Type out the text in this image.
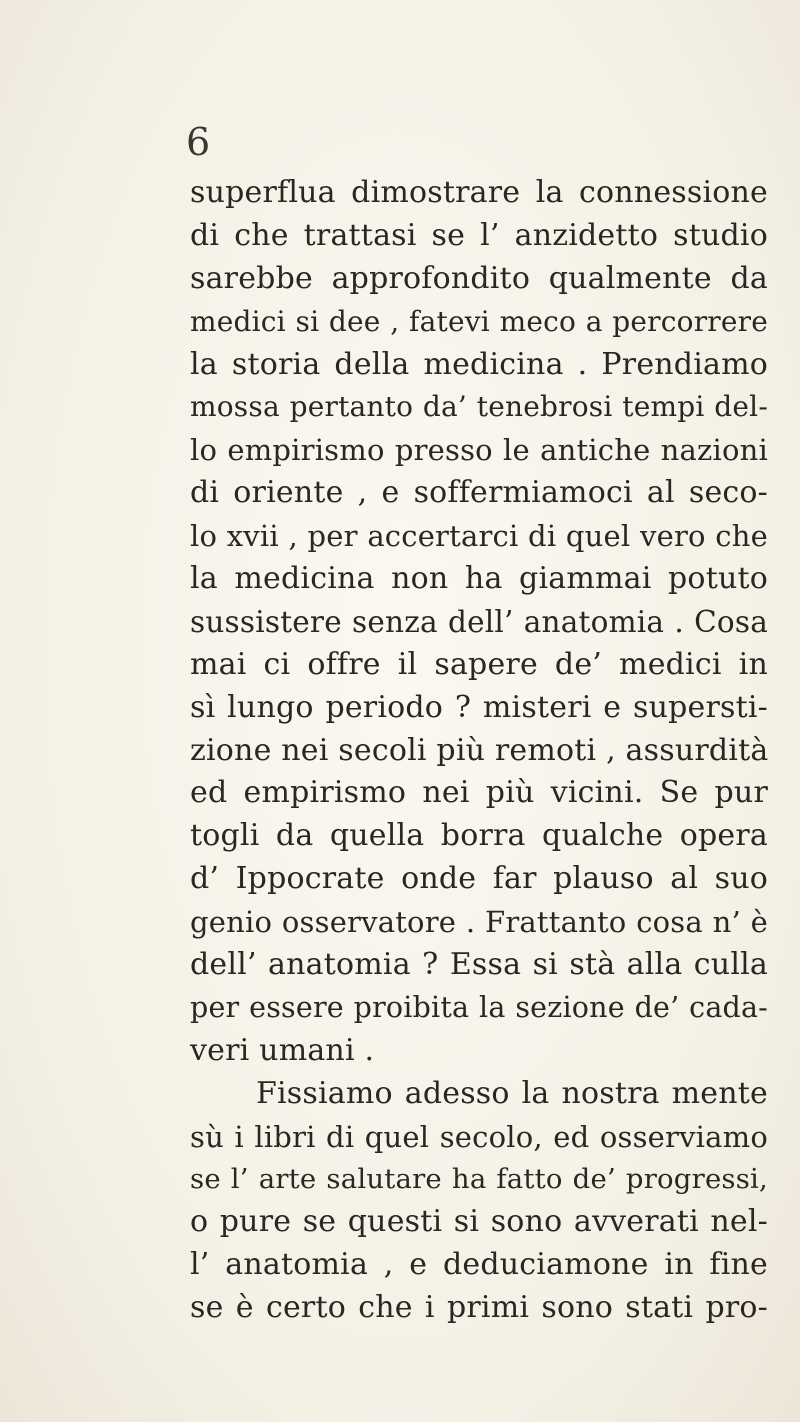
6
superflua dimostrare la connessione
di che trattasi se l’ anzidetto studio
sarebbe approfondito qualmente da
medici si dee , fatevi meco a percorrere
la storia della medicina . Prendiamo
mossa pertanto da’ tenebrosi tempi del-
lo empirismo presso le antiche nazioni
di oriente , e soffermiamoci al seco-
lo xvii , per accertarci di quel vero che
la medicina non ha giammai potuto
sussistere senza dell’ anatomia . Cosa
mai ci offre il sapere de’ medici in
sì lungo periodo ? misteri e supersti-
zione nei secoli più remoti , assurdità
ed empirismo nei più vicini. Se pur
togli da quella borra qualche opera
d’ Ippocrate onde far plauso al suo
genio osservatore . Frattanto cosa n’ è
dell’ anatomia ? Essa si stà alla culla
per essere proibita la sezione de’ cada-
veri umani .
Fissiamo adesso la nostra mente
sù i libri di quel secolo, ed osserviamo
se l’ arte salutare ha fatto de’ progressi,
o pure se questi si sono avverati nel-
l’ anatomia , e deduciamone in fine
se è certo che i primi sono stati pro-
